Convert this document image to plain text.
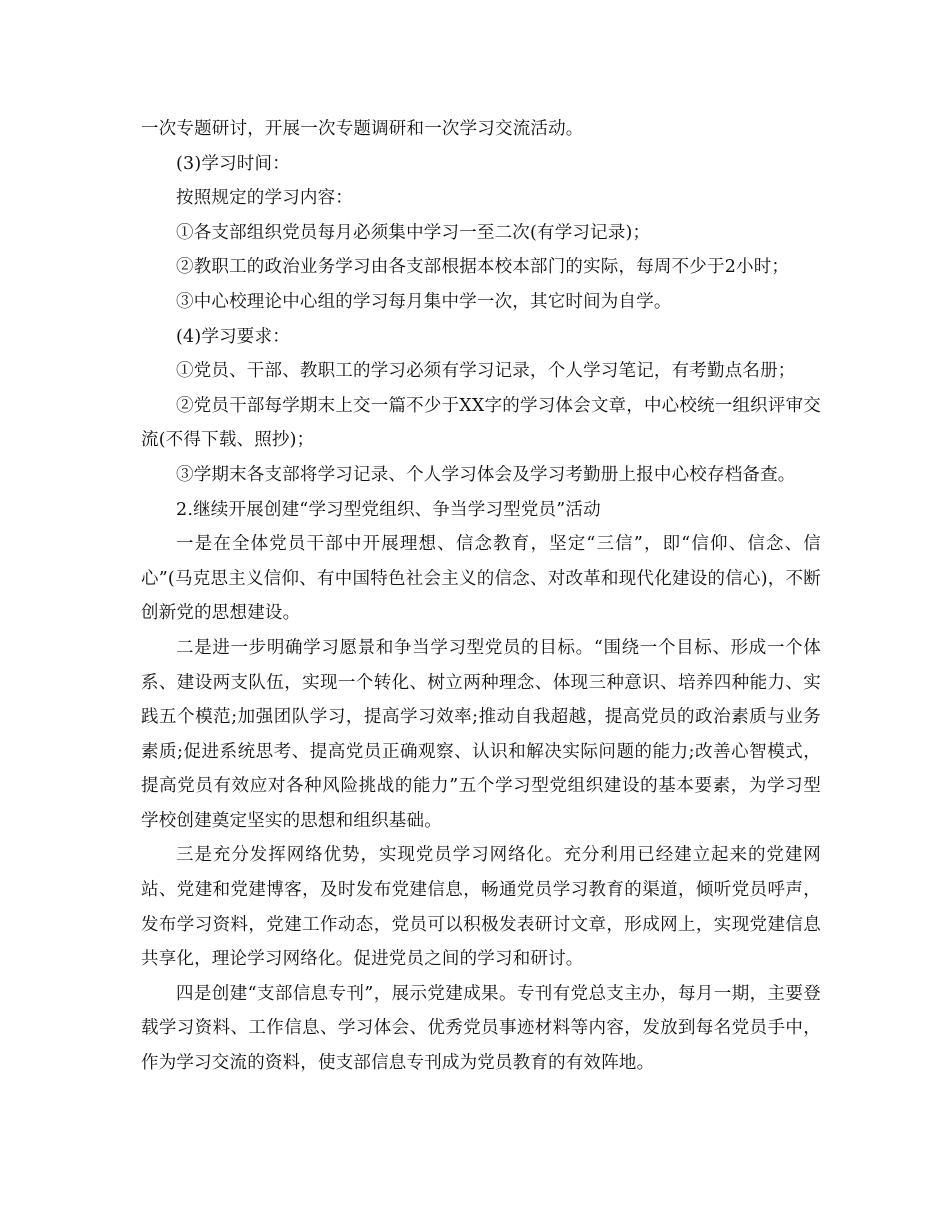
一次专题研讨，开展一次专题调研和一次学习交流活动。

(3)学习时间：

按照规定的学习内容：

①各支部组织党员每月必须集中学习一至二次(有学习记录)；

②教职工的政治业务学习由各支部根据本校本部门的实际，每周不少于2小时；

③中心校理论中心组的学习每月集中学一次，其它时间为自学。

(4)学习要求：

①党员、干部、教职工的学习必须有学习记录，个人学习笔记，有考勤点名册；

②党员干部每学期末上交一篇不少于XX字的学习体会文章，中心校统一组织评审交流(不得下载、照抄)；

③学期末各支部将学习记录、个人学习体会及学习考勤册上报中心校存档备查。

2.继续开展创建“学习型党组织、争当学习型党员”活动

一是在全体党员干部中开展理想、信念教育，坚定“三信”，即“信仰、信念、信心”(马克思主义信仰、有中国特色社会主义的信念、对改革和现代化建设的信心)，不断创新党的思想建设。

二是进一步明确学习愿景和争当学习型党员的目标。“围绕一个目标、形成一个体系、建设两支队伍，实现一个转化、树立两种理念、体现三种意识、培养四种能力、实践五个模范;加强团队学习，提高学习效率;推动自我超越，提高党员的政治素质与业务素质;促进系统思考、提高党员正确观察、认识和解决实际问题的能力;改善心智模式，提高党员有效应对各种风险挑战的能力”五个学习型党组织建设的基本要素，为学习型学校创建奠定坚实的思想和组织基础。

三是充分发挥网络优势，实现党员学习网络化。充分利用已经建立起来的党建网站、党建和党建博客，及时发布党建信息，畅通党员学习教育的渠道，倾听党员呼声，发布学习资料，党建工作动态，党员可以积极发表研讨文章，形成网上，实现党建信息共享化，理论学习网络化。促进党员之间的学习和研讨。

四是创建“支部信息专刊”，展示党建成果。专刊有党总支主办，每月一期，主要登载学习资料、工作信息、学习体会、优秀党员事迹材料等内容，发放到每名党员手中，作为学习交流的资料，使支部信息专刊成为党员教育的有效阵地。
